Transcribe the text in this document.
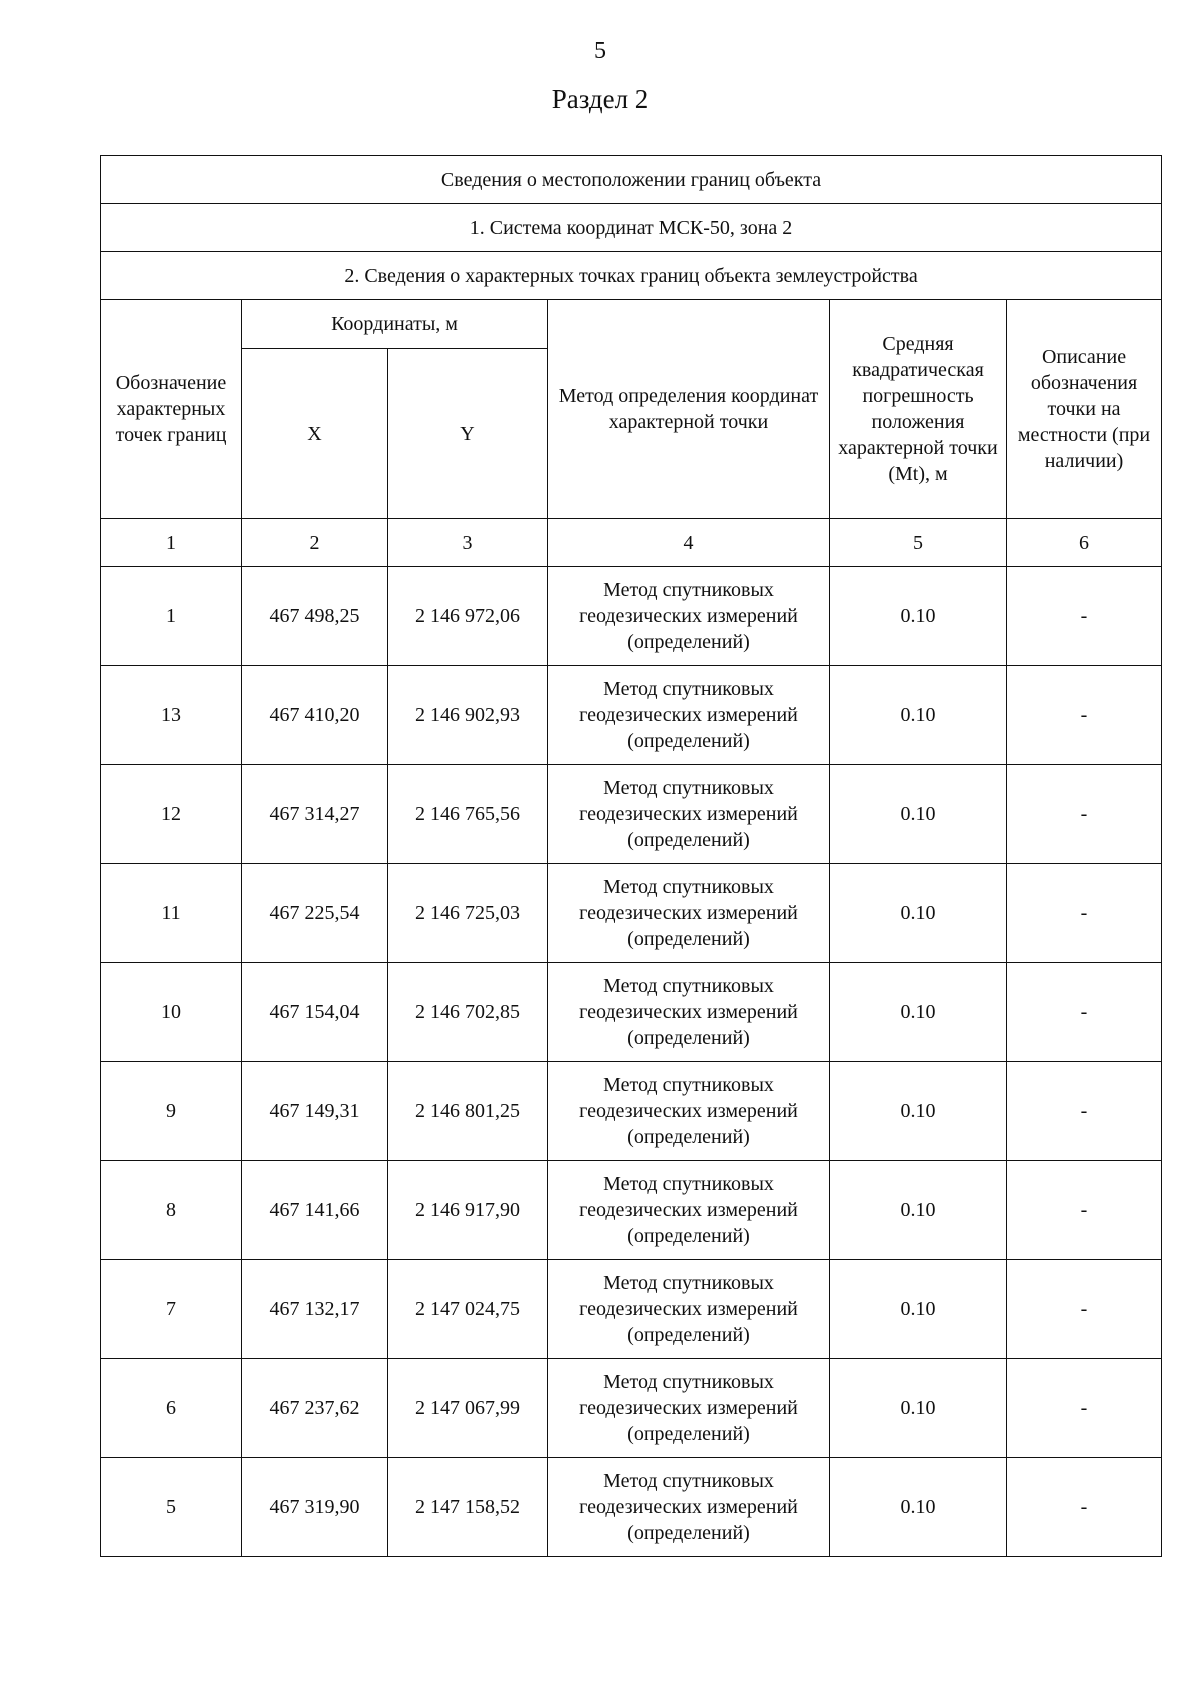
5
Раздел 2
Сведения о местоположении границ объекта					
1. Система координат МСК-50, зона 2					
2. Сведения о характерных точках границ объекта землеустройства					
Обозначение характерных точек границ	Координаты, м		Метод определения координат характерной точки	Средняя квадратическая погрешность положения характерной точки (Mt), м	Описание обозначения точки на местности (при наличии)
	X	Y			
1	2	3	4	5	6
1	467 498,25	2 146 972,06	Метод спутниковых геодезических измерений (определений)	0.10	-
13	467 410,20	2 146 902,93	Метод спутниковых геодезических измерений (определений)	0.10	-
12	467 314,27	2 146 765,56	Метод спутниковых геодезических измерений (определений)	0.10	-
11	467 225,54	2 146 725,03	Метод спутниковых геодезических измерений (определений)	0.10	-
10	467 154,04	2 146 702,85	Метод спутниковых геодезических измерений (определений)	0.10	-
9	467 149,31	2 146 801,25	Метод спутниковых геодезических измерений (определений)	0.10	-
8	467 141,66	2 146 917,90	Метод спутниковых геодезических измерений (определений)	0.10	-
7	467 132,17	2 147 024,75	Метод спутниковых геодезических измерений (определений)	0.10	-
6	467 237,62	2 147 067,99	Метод спутниковых геодезических измерений (определений)	0.10	-
5	467 319,90	2 147 158,52	Метод спутниковых геодезических измерений (определений)	0.10	-
